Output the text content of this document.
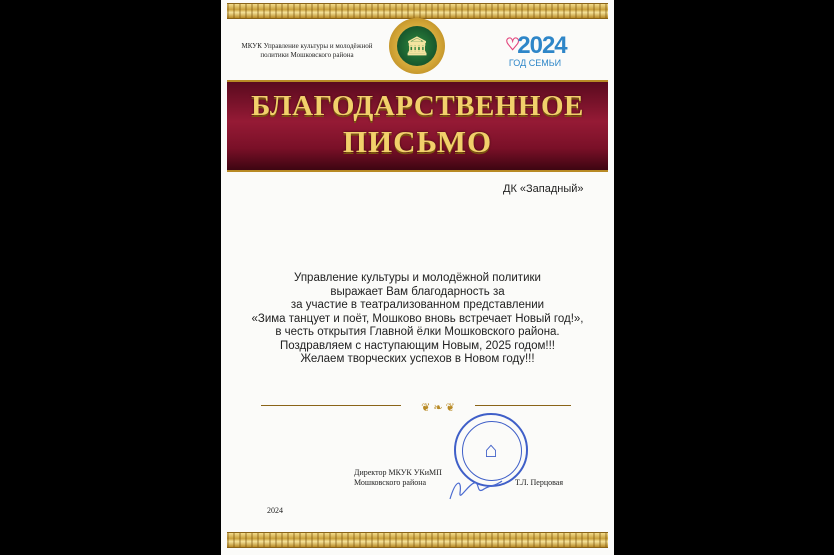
МКУК Управление культуры и молодёжной политики Мошковского района	🏛	♡2024
ГОД СЕМЬИ
БЛАГОДАРСТВЕННОЕ
ПИСЬМО
ДК «Западный»
Управление культуры и молодёжной политики
выражает Вам благодарность за
за участие в театрализованном представлении
«Зима танцует и поёт, Мошково вновь встречает Новый год!»,
в честь открытия Главной ёлки Мошковского района.
Поздравляем с наступающим Новым, 2025 годом!!!
Желаем творческих успехов в Новом году!!!
❦ ❧ ❦
⌂
Директор МКУК УКиМП
Мошковского района	Т.Л. Перцовая
2024
